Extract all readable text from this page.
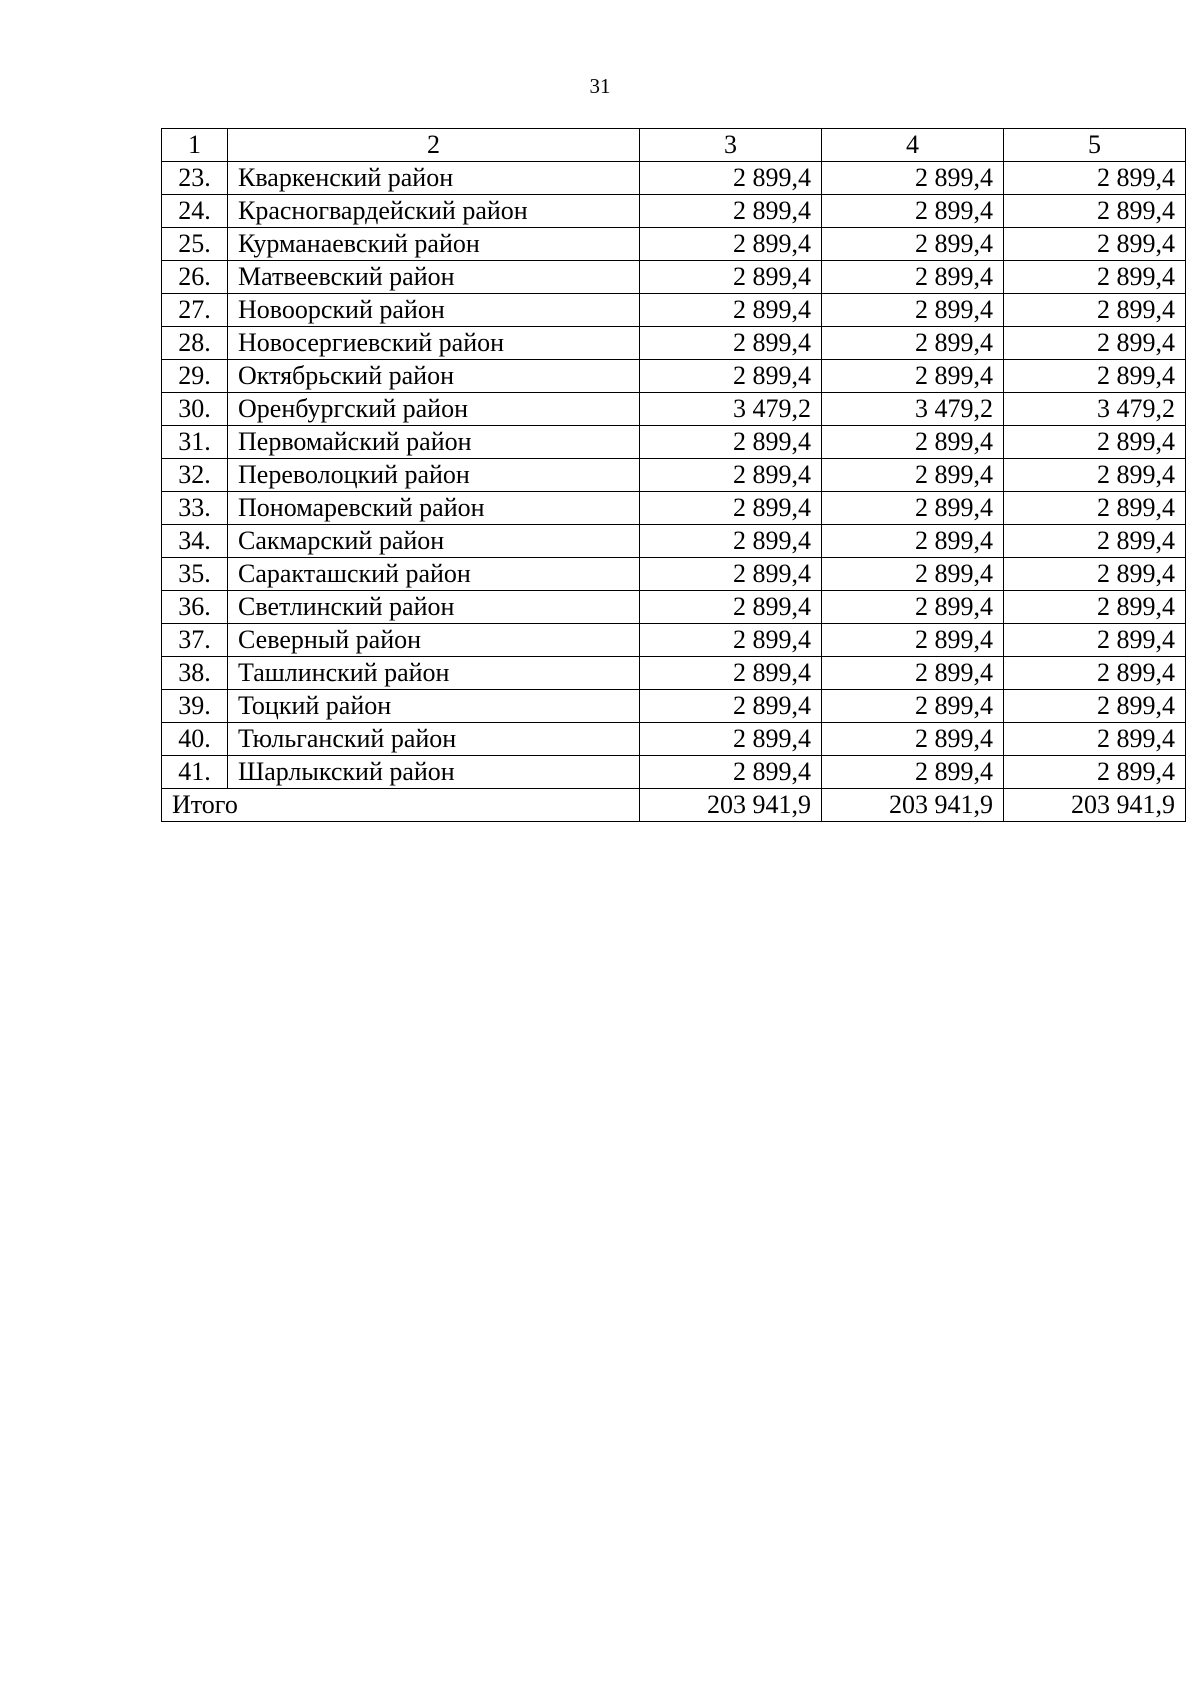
31
1	2	3	4	5
23.	Кваркенский район	2 899,4	2 899,4	2 899,4
24.	Красногвардейский район	2 899,4	2 899,4	2 899,4
25.	Курманаевский район	2 899,4	2 899,4	2 899,4
26.	Матвеевский район	2 899,4	2 899,4	2 899,4
27.	Новоорский район	2 899,4	2 899,4	2 899,4
28.	Новосергиевский район	2 899,4	2 899,4	2 899,4
29.	Октябрьский район	2 899,4	2 899,4	2 899,4
30.	Оренбургский район	3 479,2	3 479,2	3 479,2
31.	Первомайский район	2 899,4	2 899,4	2 899,4
32.	Переволоцкий район	2 899,4	2 899,4	2 899,4
33.	Пономаревский район	2 899,4	2 899,4	2 899,4
34.	Сакмарский район	2 899,4	2 899,4	2 899,4
35.	Саракташский район	2 899,4	2 899,4	2 899,4
36.	Светлинский район	2 899,4	2 899,4	2 899,4
37.	Северный район	2 899,4	2 899,4	2 899,4
38.	Ташлинский район	2 899,4	2 899,4	2 899,4
39.	Тоцкий район	2 899,4	2 899,4	2 899,4
40.	Тюльганский район	2 899,4	2 899,4	2 899,4
41.	Шарлыкский район	2 899,4	2 899,4	2 899,4
Итого		203 941,9	203 941,9	203 941,9
